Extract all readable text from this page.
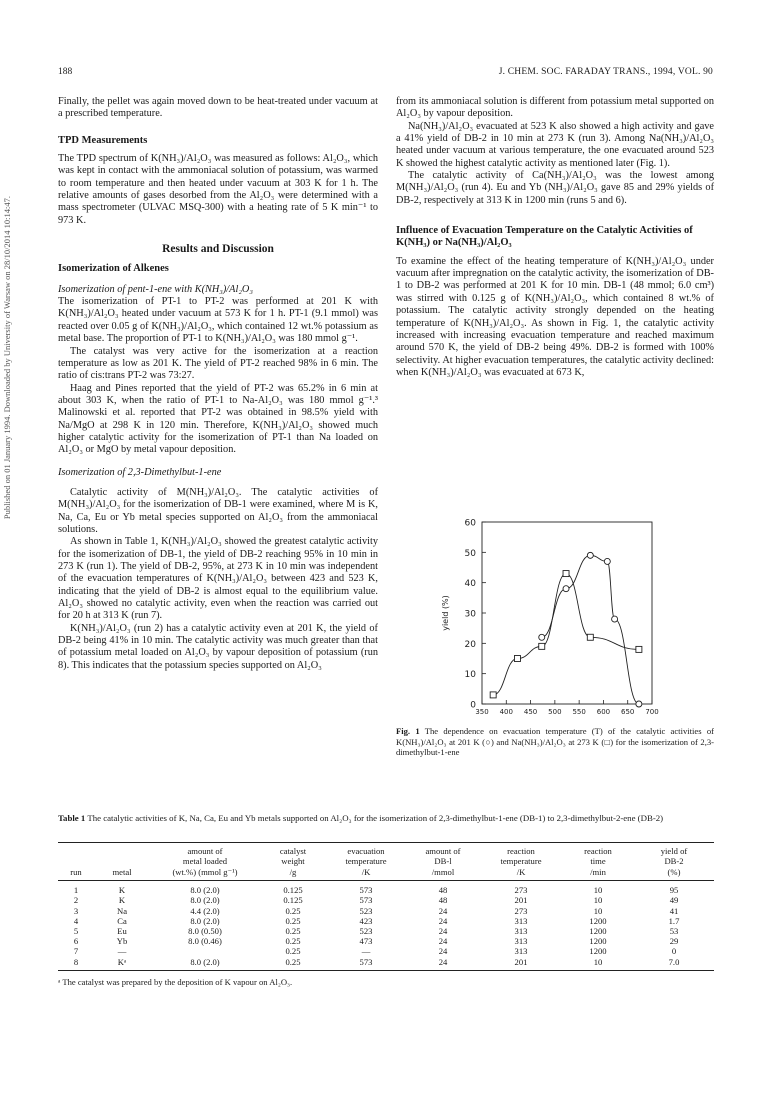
188	J. CHEM. SOC. FARADAY TRANS., 1994, VOL. 90
Published on 01 January 1994. Downloaded by University of Warsaw on 28/10/2014 10:14:47.

Finally, the pellet was again moved down to be heat-treated under vacuum at a prescribed temperature.

TPD Measurements

The TPD spectrum of K(NH₃)/Al₂O₃ was measured as follows: Al₂O₃, which was kept in contact with the ammoniacal solution of potassium, was warmed to room temperature and then heated under vacuum at 303 K for 1 h. The relative amounts of gases desorbed from the Al₂O₃ were determined with a mass spectrometer (ULVAC MSQ-300) with a heating rate of 5 K min⁻¹ to 973 K.

Results and Discussion
Isomerization of Alkenes
Isomerization of pent-1-ene with K(NH₃)/Al₂O₃

The isomerization of PT-1 to PT-2 was performed at 201 K with K(NH₃)/Al₂O₃ heated under vacuum at 573 K for 1 h. PT-1 (9.1 mmol) was reacted over 0.05 g of K(NH₃)/Al₂O₃, which contained 12 wt.% potassium as metal base. The proportion of PT-1 to K(NH₃)/Al₂O₃ was 180 mmol g⁻¹.

The catalyst was very active for the isomerization at a reaction temperature as low as 201 K. The yield of PT-2 reached 98% in 6 min. The ratio of cis:trans PT-2 was 73:27.

Haag and Pines reported that the yield of PT-2 was 65.2% in 6 min at about 303 K, when the ratio of PT-1 to Na-Al₂O₃ was 180 mmol g⁻¹.³ Malinowski et al. reported that PT-2 was obtained in 98.5% yield with Na/MgO at 298 K in 120 min. Therefore, K(NH₃)/Al₂O₃ showed much higher catalytic activity for the isomerization of PT-1 than Na loaded on Al₂O₃ or MgO by metal vapour deposition.

Isomerization of 2,3-Dimethylbut-1-ene

Catalytic activity of M(NH₃)/Al₂O₃. The catalytic activities of M(NH₃)/Al₂O₃ for the isomerization of DB-1 were examined, where M is K, Na, Ca, Eu or Yb metal species supported on Al₂O₃ from the ammoniacal solutions.

As shown in Table 1, K(NH₃)/Al₂O₃ showed the greatest catalytic activity for the isomerization of DB-1, the yield of DB-2 reaching 95% in 10 min in 273 K (run 1). The yield of DB-2, 95%, at 273 K in 10 min was independent of the evacuation temperatures of K(NH₃)/Al₂O₃ between 423 and 523 K, indicating that the yield of DB-2 is almost equal to the equilibrium value. Al₂O₃ showed no catalytic activity, even when the reaction was carried out for 20 h at 313 K (run 7).

K(NH₃)/Al₂O₃ (run 2) has a catalytic activity even at 201 K, the yield of DB-2 being 41% in 10 min. The catalytic activity was much greater than that of potassium metal loaded on Al₂O₃ by vapour deposition of potassium (run 8). This indicates that the potassium species supported on Al₂O₃

from its ammoniacal solution is different from potassium metal supported on Al₂O₃ by vapour deposition.

Na(NH₃)/Al₂O₃ evacuated at 523 K also showed a high activity and gave a 41% yield of DB-2 in 10 min at 273 K (run 3). Among Na(NH₃)/Al₂O₃ heated under vacuum at various temperature, the one evacuated around 523 K showed the highest catalytic activity as mentioned later (Fig. 1).

The catalytic activity of Ca(NH₃)/Al₂O₃ was the lowest among M(NH₃)/Al₂O₃ (run 4). Eu and Yb (NH₃)/Al₂O₃ gave 85 and 29% yields of DB-2, respectively at 313 K in 1200 min (runs 5 and 6).

Influence of Evacuation Temperature on the Catalytic Activities of K(NH₃) or Na(NH₃)/Al₂O₃

To examine the effect of the heating temperature of K(NH₃)/Al₂O₃ under vacuum after impregnation on the catalytic activity, the isomerization of DB-1 to DB-2 was performed at 201 K for 10 min. DB-1 (48 mmol; 6.0 cm³) was stirred with 0.125 g of K(NH₃)/Al₂O₃, which contained 8 wt.% of potassium. The catalytic activity strongly depended on the heating temperature of K(NH₃)/Al₂O₃. As shown in Fig. 1, the catalytic activity increased with increasing evacuation temperature and reached maximum around 570 K, the yield of DB-2 being 49%. DB-2 is formed with 100% selectivity. At higher evacuation temperatures, the catalytic activity declined: when K(NH₃)/Al₂O₃ was evacuated at 673 K,

0
10
20
30
40
50
60
350 400 450 500 550 600 650 700
yield (%)
Fig. 1 The dependence on evacuation temperature (T) of the catalytic activities of K(NH₃)/Al₂O₃ at 201 K (○) and Na(NH₃)/Al₂O₃ at 273 K (□) for the isomerization of 2,3-dimethylbut-1-ene
Table 1 The catalytic activities of K, Na, Ca, Eu and Yb metals supported on Al₂O₃ for the isomerization of 2,3-dimethylbut-1-ene (DB-1) to 2,3-dimethylbut-2-ene (DB-2)
run	metal

amount of
metal loaded
(wt.%) (mmol g⁻¹)

catalyst
weight
/g

evacuation
temperature
/K

amount of
DB-l
/mmol

reaction
temperature
/K

reaction
time
/min

yield of
DB-2
(%)
1	K	8.0 (2.0)	0.125	573	48	273	10	95
2	K	8.0 (2.0)	0.125	573	48	201	10	49
3	Na	4.4 (2.0)	0.25	523	24	273	10	41
4	Ca	8.0 (2.0)	0.25	423	24	313	1200	1.7
5	Eu	8.0 (0.50)	0.25	523	24	313	1200	53
6	Yb	8.0 (0.46)	0.25	473	24	313	1200	29
7	—		0.25	—	24	313	1200	0
8	Kᵃ	8.0 (2.0)	0.25	573	24	201	10	7.0
ᵃ The catalyst was prepared by the deposition of K vapour on Al₂O₃.
